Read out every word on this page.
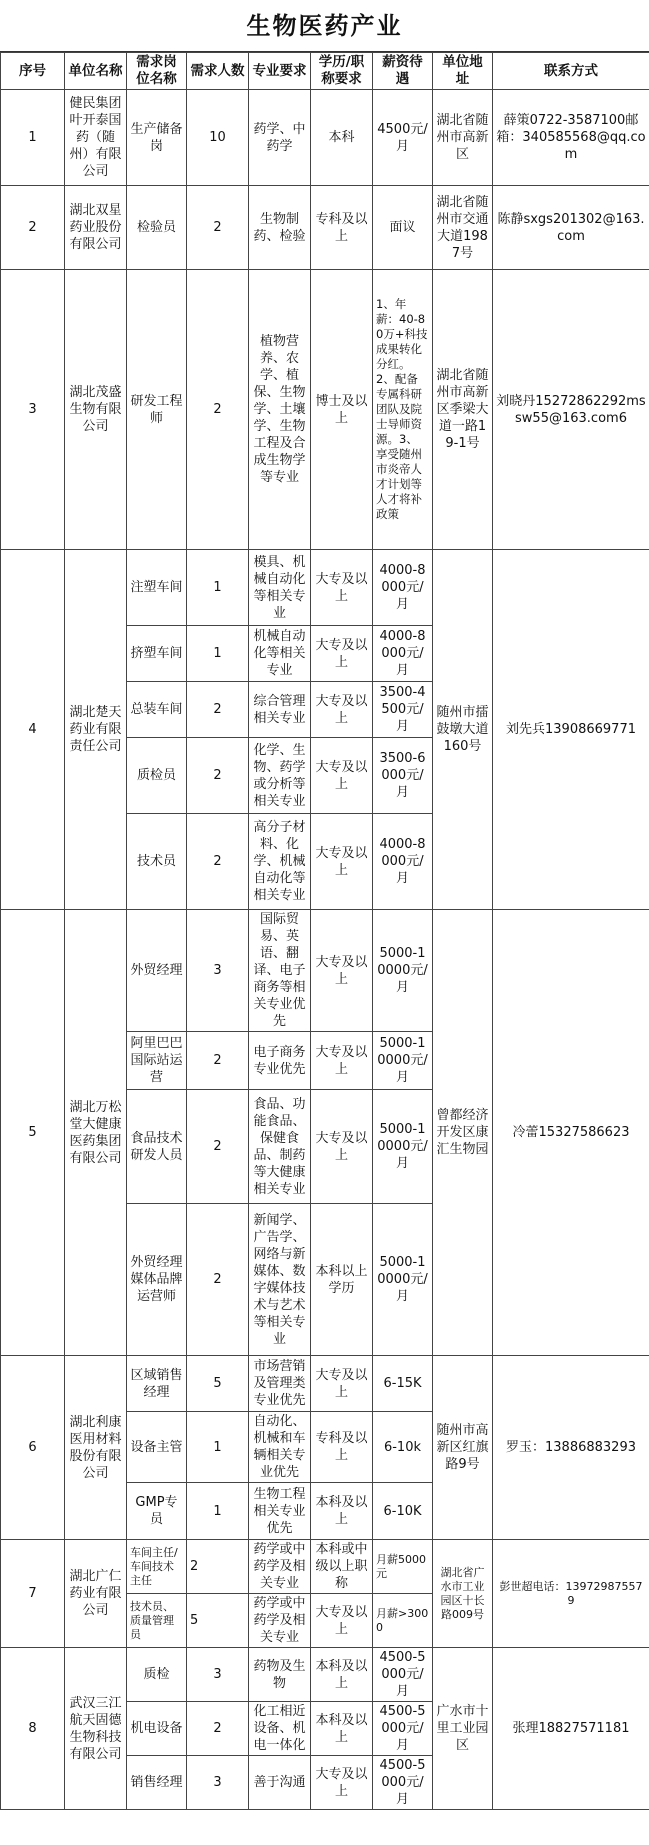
生物医药产业
序号	单位名称	需求岗位名称	需求人数	专业要求	学历/职称要求	薪资待遇	单位地址	联系方式
1	健民集团叶开泰国药（随州）有限公司	生产储备岗	10	药学、中药学	本科	4500元/月	湖北省随州市高新区	薛策0722-3587100邮箱：340585568@qq.com
2	湖北双星药业股份有限公司	检验员	2	生物制药、检验	专科及以上	面议	湖北省随州市交通大道1987号	陈静sxgs201302@163.com
3	湖北茂盛生物有限公司	研发工程师	2	植物营养、农学、植保、生物学、土壤学、生物工程及合成生物学等专业	博士及以上	1、年薪：40-80万+科技成果转化分红。2、配备专属科研团队及院士导师资源。3、享受随州市炎帝人才计划等人才将补政策	湖北省随州市高新区季梁大道一路19-1号	刘晓丹15272862292mssw55@163.com6
4	湖北楚天药业有限责任公司	注塑车间	1	模具、机械自动化等相关专业	大专及以上	4000-8000元/月	随州市擂鼓墩大道160号	刘先兵13908669771
		挤塑车间	1	机械自动化等相关专业	大专及以上	4000-8000元/月		
		总装车间	2	综合管理相关专业	大专及以上	3500-4500元/月		
		质检员	2	化学、生物、药学或分析等相关专业	大专及以上	3500-6000元/月		
		技术员	2	高分子材料、化学、机械自动化等相关专业	大专及以上	4000-8000元/月		
5	湖北万松堂大健康医药集团有限公司	外贸经理	3	国际贸易、英语、翻译、电子商务等相关专业优先	大专及以上	5000-10000元/月	曾都经济开发区康汇生物园	冷蕾15327586623
		阿里巴巴国际站运营	2	电子商务专业优先	大专及以上	5000-10000元/月		
		食品技术研发人员	2	食品、功能食品、保健食品、制药等大健康相关专业	大专及以上	5000-10000元/月		
		外贸经理媒体品牌运营师	2	新闻学、广告学、网络与新媒体、数字媒体技术与艺术等相关专业	本科以上学历	5000-10000元/月		
6	湖北利康医用材料股份有限公司	区域销售经理	5	市场营销及管理类专业优先	大专及以上	6-15K	随州市高新区红旗路9号	罗玉：13886883293
		设备主管	1	自动化、机械和车辆相关专业优先	专科及以上	6-10k		
		GMP专员	1	生物工程相关专业优先	本科及以上	6-10K		
7	湖北广仁药业有限公司	车间主任/车间技术主任	2	药学或中药学及相关专业	本科或中级以上职称	月薪5000元	湖北省广水市工业园区十长路009号	彭世超电话：13972987557 9
		技术员、质量管理员	5	药学或中药学及相关专业	大专及以上	月薪>3000		
8	武汉三江航天固德生物科技有限公司	质检	3	药物及生物	本科及以上	4500-5000元/月	广水市十里工业园区	张理18827571181
		机电设备	2	化工相近设备、机电一体化	本科及以上	4500-5000元/月		
		销售经理	3	善于沟通	大专及以上	4500-5000元/月		
